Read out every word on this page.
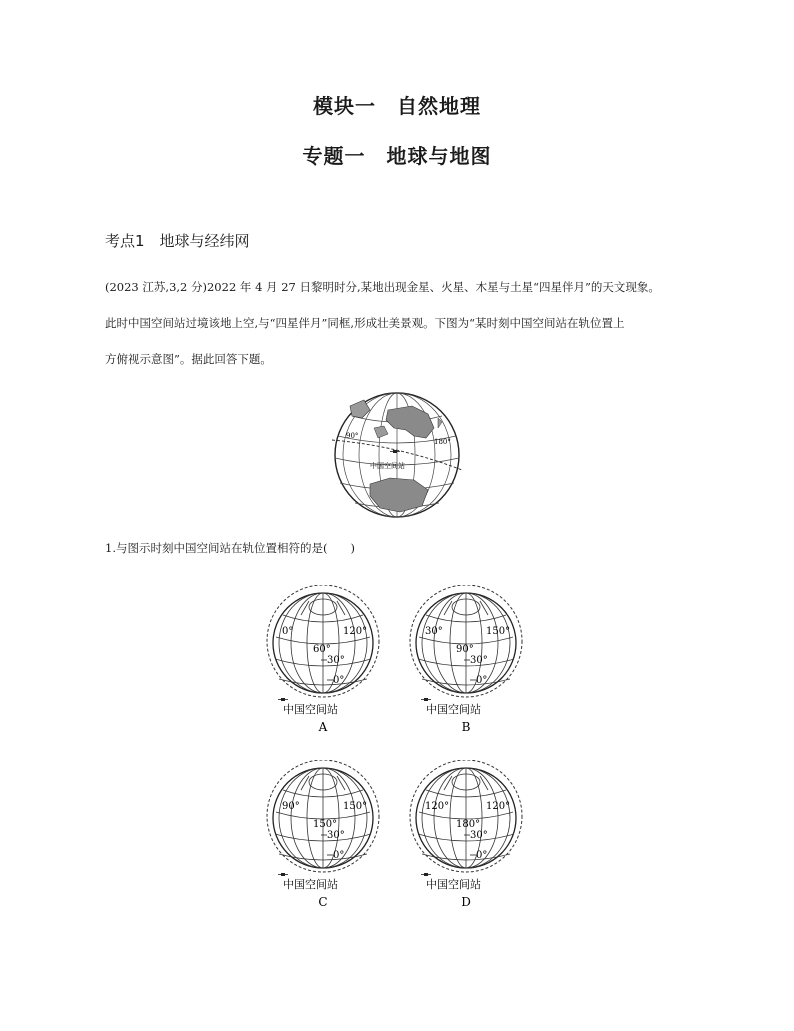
模块一　自然地理
专题一　地球与地图
考点1　地球与经纬网
(2023 江苏,3,2 分)2022 年 4 月 27 日黎明时分,某地出现金星、火星、木星与土星“四星伴月”的天文现象。
此时中国空间站过境该地上空,与“四星伴月”同框,形成壮美景观。下图为“某时刻中国空间站在轨位置上
方俯视示意图”。据此回答下题。
90°
180°
中国空间站
1.与图示时刻中国空间站在轨位置相符的是(　　)
0°	120°
60°
30°
0°
中国空间站
A
30°	150°
90°
30°
0°
中国空间站
B
90°	150°
150°
30°
0°
中国空间站
C
120°	120°
180°
30°
0°
中国空间站
D
